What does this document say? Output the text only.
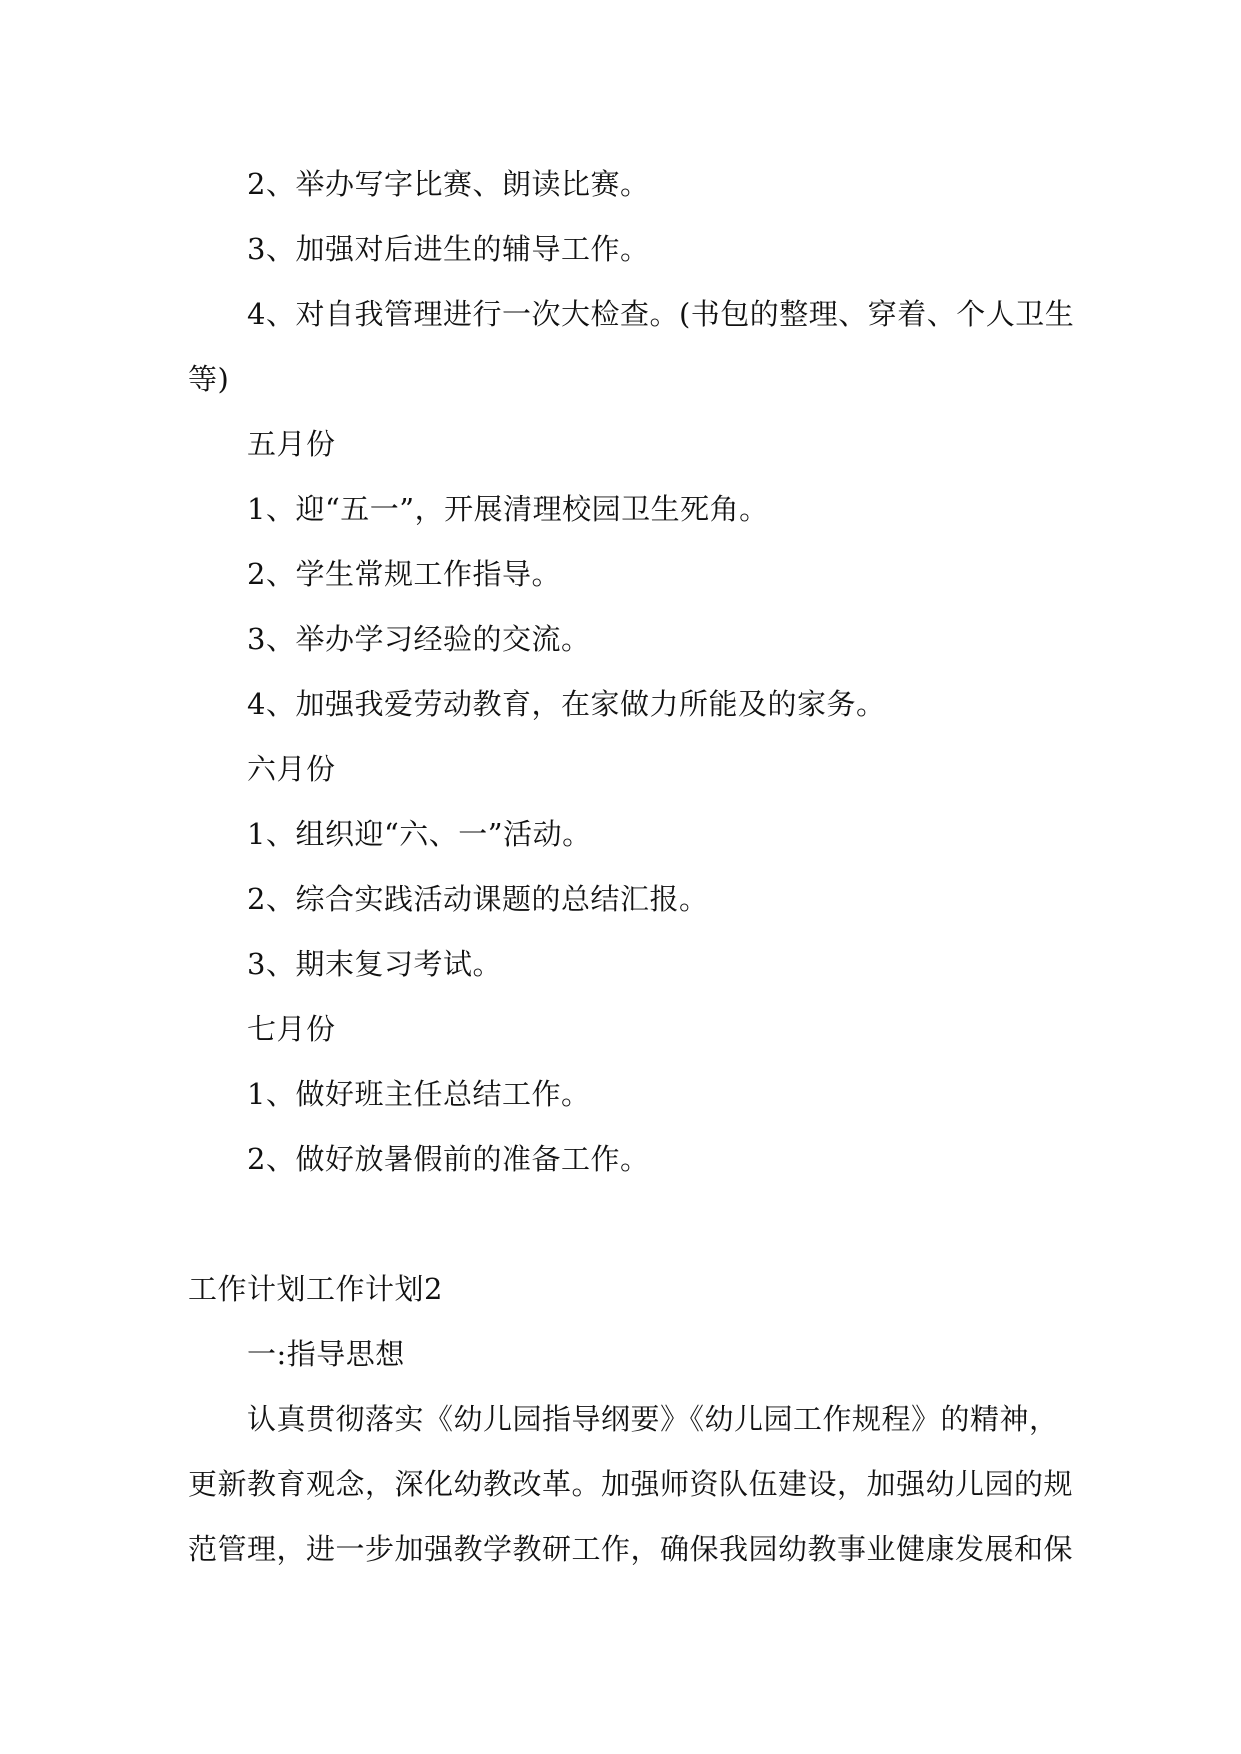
2、举办写字比赛、朗读比赛。
3、加强对后进生的辅导工作。
4、对自我管理进行一次大检查。(书包的整理、穿着、个人卫生
等)
五月份
1、迎“五一”，开展清理校园卫生死角。
2、学生常规工作指导。
3、举办学习经验的交流。
4、加强我爱劳动教育，在家做力所能及的家务。
六月份
1、组织迎“六、一”活动。
2、综合实践活动课题的总结汇报。
3、期末复习考试。
七月份
1、做好班主任总结工作。
2、做好放暑假前的准备工作。
工作计划工作计划2
一:指导思想
认真贯彻落实《幼儿园指导纲要》《幼儿园工作规程》的精神，
更新教育观念，深化幼教改革。加强师资队伍建设，加强幼儿园的规
范管理，进一步加强教学教研工作，确保我园幼教事业健康发展和保
